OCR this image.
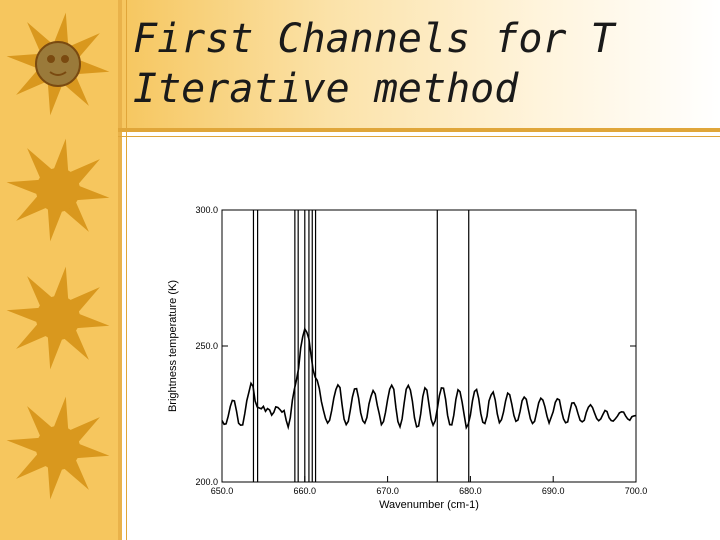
First Channels for T
Iterative method
650.0	660.0	670.0	680.0	690.0	700.0
200.0
250.0
300.0
Wavenumber (cm-1)
Brightness temperature (K)
